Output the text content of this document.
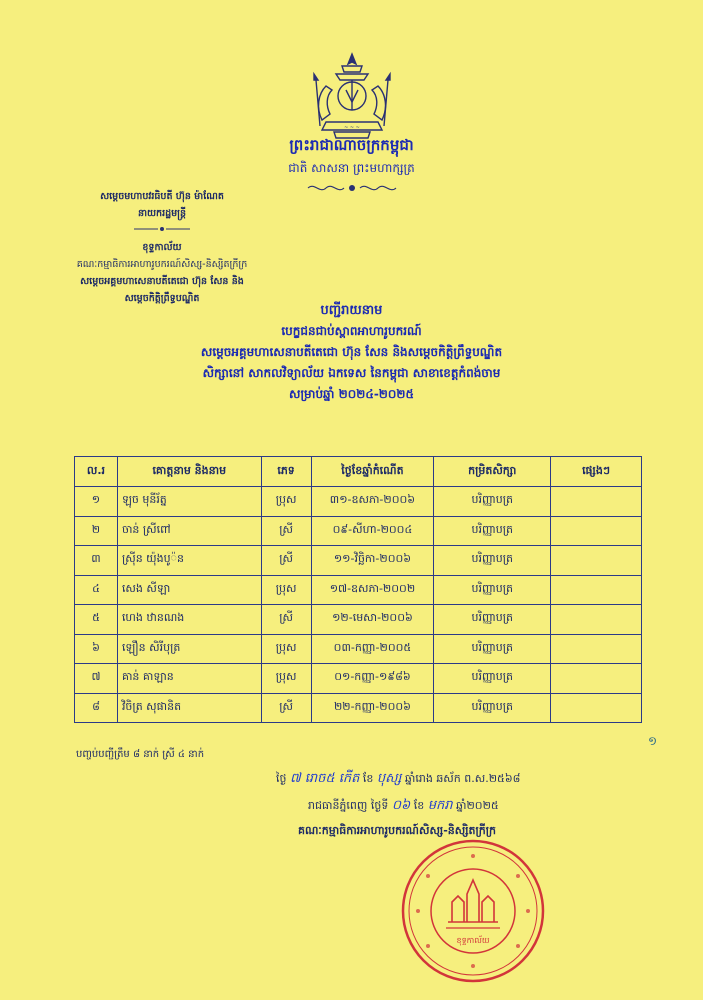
~ ~ ~
ព្រះរាជាណាចក្រកម្ពុជា
ជាតិ សាសនា ព្រះមហាក្សត្រ
សម្តេចមហាបវរធិបតី ហ៊ុន ម៉ាណែត
នាយករដ្ឋមន្ត្រី
ខុទ្ទកាល័យ
គណៈកម្មាធិការអាហារូបករណ៍សិស្ស-និស្សិតក្រីក្រ
សម្តេចអគ្គមហាសេនាបតីតេជោ ហ៊ុន សែន និង
សម្តេចកិត្តិព្រឹទ្ធបណ្ឌិត
បញ្ជីរាយនាម
បេក្ខជនជាប់ស្ពាពអាហារូបករណ៍
សម្តេចអគ្គមហាសេនាបតីតេជោ ហ៊ុន សែន និងសម្តេចកិត្តិព្រឹទ្ធបណ្ឌិត
សិក្សានៅ សាកលវិទ្យាល័យ ឯកទេស នៃកម្ពុជា សាខាខេត្តកំពង់ចាម
សម្រាប់ឆ្នាំ ២០២៤-២០២៥
ល.រ	គោត្តនាម និងនាម	ភេទ	ថ្ងៃខែឆ្នាំកំណើត	កម្រិតសិក្សា	ផ្សេងៗ
១	ឡុច មុនីរ័ត្ន	ប្រុស	៣១-ឧសភា-២០០៦	បរិញ្ញាបត្រ	
២	ចាន់ ស្រីពៅ	ស្រី	០៩-សីហា-២០០៤	បរិញ្ញាបត្រ	
៣	ស្រ៊ីន យ៉ុងបូ៉ន	ស្រី	១១-វិច្ឆិកា-២០០៦	បរិញ្ញាបត្រ	
៤	សេង សីឡា	ប្រុស	១៧-ឧសភា-២០០២	បរិញ្ញាបត្រ	
៥	ហេង ឋានណង	ស្រី	១២-មេសា-២០០៦	បរិញ្ញាបត្រ	
៦	ឡឿន សិរីបុត្រ	ប្រុស	០៣-កញ្ញា-២០០៥	បរិញ្ញាបត្រ	
៧	គាន់ គាឡាន	ប្រុស	០១-កញ្ញា-១៩៨៦	បរិញ្ញាបត្រ	
៨	វិចិត្រ សុផានិត	ស្រី	២២-កញ្ញា-២០០៦	បរិញ្ញាបត្រ	
បញ្ចប់បញ្ជីត្រឹម ៨ នាក់ ស្រី ៤ នាក់
១
ថ្ងៃ ៧ រោច៥ កើត ខែ បុស្ស ឆ្នាំរោង ឆស័ក ព.ស.២៥៦៨
រាជធានីភ្នំពេញ ថ្ងៃទី ០៦ ខែ មករា ឆ្នាំ២០២៥
គណៈកម្មាធិការអាហារូបករណ៍សិស្ស-និស្សិតក្រីក្រ
ខុទ្ទកាល័យ
